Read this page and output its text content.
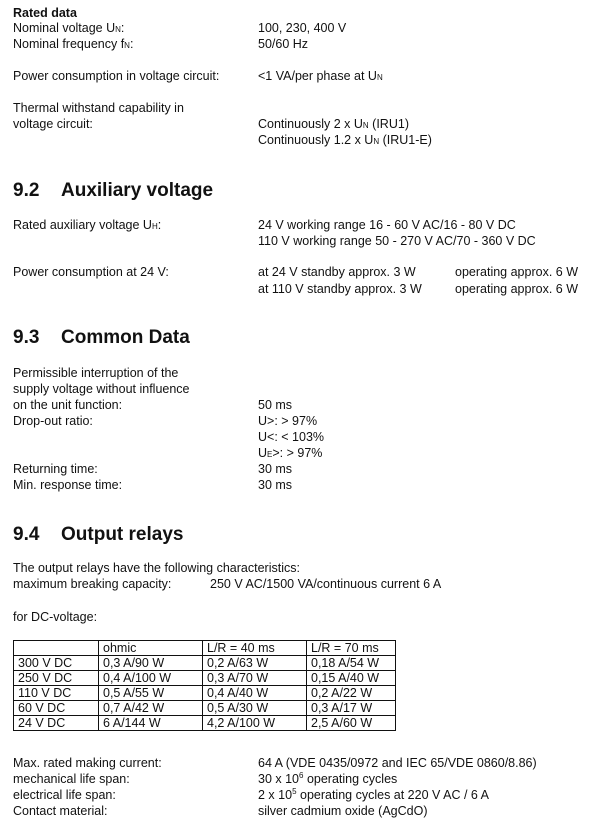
Rated data
Nominal voltage UN:	100, 230, 400 V
Nominal frequency fN:	50/60 Hz
Power consumption in voltage circuit:	<1 VA/per phase at UN
Thermal withstand capability in
voltage circuit:	Continuously 2 x UN (IRU1)
Continuously 1.2 x UN (IRU1-E)
9.2 Auxiliary voltage
Rated auxiliary voltage UH:	24 V working range 16 - 60 V AC/16 - 80 V DC
110 V working range 50 - 270 V AC/70 - 360 V DC
Power consumption at 24 V:	at 24 V standby approx. 3 W	operating approx. 6 W
at 110 V standby approx. 3 W	operating approx. 6 W
9.3 Common Data
Permissible interruption of the
supply voltage without influence
on the unit function:	50 ms
Drop-out ratio:	U>: > 97%
U<: < 103%
UE>: > 97%
Returning time:	30 ms
Min. response time:	30 ms
9.4 Output relays
The output relays have the following characteristics:
maximum breaking capacity:	250 V AC/1500 VA/continuous current 6 A
for DC-voltage:
	ohmic	L/R = 40 ms	L/R = 70 ms
300 V DC	0,3 A/90 W	0,2 A/63 W	0,18 A/54 W
250 V DC	0,4 A/100 W	0,3 A/70 W	0,15 A/40 W
110 V DC	0,5 A/55 W	0,4 A/40 W	0,2 A/22 W
60 V DC	0,7 A/42 W	0,5 A/30 W	0,3 A/17 W
24 V DC	6 A/144 W	4,2 A/100 W	2,5 A/60 W
Max. rated making current:	64 A (VDE 0435/0972 and IEC 65/VDE 0860/8.86)
mechanical life span:	30 x $10^6$ operating cycles
electrical life span:	2 x $10^5$ operating cycles at 220 V AC / 6 A
Contact material:	silver cadmium oxide (AgCdO)
